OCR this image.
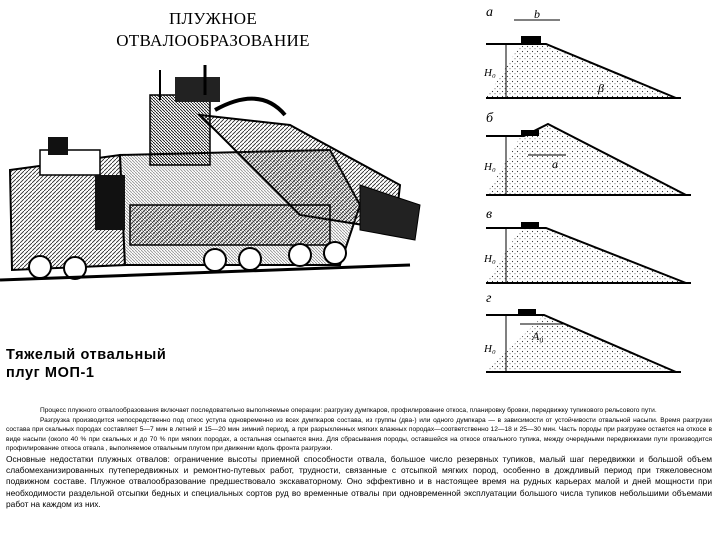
ПЛУЖНОЕ
ОТВАЛООБРАЗОВАНИЕ
Тяжелый отвальный
плуг МОП-1
а
Н₀
b
β
б
Н₀	a
в
Н₀
г
Н₀
A₀

Процесс плужного отвалообразования включает последовательно выполняемые операции: разгрузку думпкаров, профилирование откоса, планировку бровки, передвижку тупикового рельсового пути.

Разгрузка производится непосредственно под откос уступа одновременно из всех думпкаров состава, из группы (два-) или одного думпкара — в зависимости от устойчивости отвальной насыпи. Время разгрузки состава при скальных породах составляет 5—7 мин в летний и 15—20 мин зимний период, а при разрыхленных мягких влажных породах—соответственно 12—18 и 25—30 мин. Часть породы при разгрузке остается на откосе в виде насыпи (около 40 % при скальных и до 70 % при мягких породах, а остальная ссыпается вниз. Для сбрасывания породы, оставшейся на откосе отвального тупика, между очередными передвижками пути производится профилирование откоса отвала , выполняемое отвальным плугом при движении вдоль фронта разгрузки.

Основные недостатки плужных отвалов: ограничение высоты приемной способности отвала, большое число резервных тупиков, малый шаг передвижки и большой объем слабомеханизированных путепередвижных и ремонтно-путевых работ, трудности, связанные с отсыпкой мягких пород, особенно в дождливый период при тяжеловесном подвижном составе. Плужное отвалообразование предшествовало экскаваторному. Оно эффективно и в настоящее время на рудных карьерах малой и дней мощности при необходимости раздельной отсыпки бедных и специальных сортов руд во временные отвалы при одновременной эксплуатации большого числа тупиков небольшими объемами работ на каждом из них.
